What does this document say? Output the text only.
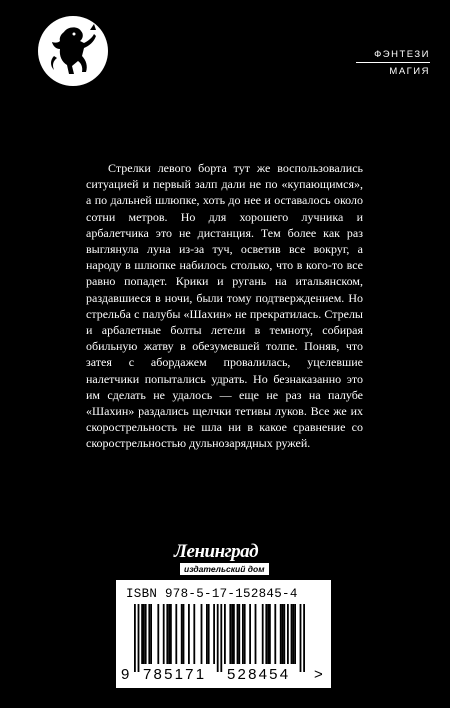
ФЭНТЕЗИ
МАГИЯ

Стрелки левого борта тут же воспользовались ситуацией и первый залп дали не по «купающимся», а по дальней шлюпке, хоть до нее и оставалось около сотни метров. Но для хорошего лучника и арбалетчика это не дистанция. Тем более как раз выглянула луна из-за туч, осветив все вокруг, а народу в шлюпке набилось столько, что в кого-то все равно попадет. Крики и ругань на итальянском, раздавшиеся в ночи, были тому подтверждением. Но стрельба с палубы «Шахин» не прекратилась. Стрелы и арбалетные болты летели в темноту, собирая обильную жатву в обезумевшей толпе. Поняв, что затея с абордажем провалилась, уцелевшие налетчики попытались удрать. Но безнаказанно это им сделать не удалось — еще не раз на палубе «Шахин» раздались щелчки тетивы луков. Все же их скорострельность не шла ни в какое сравнение со скорострельностью дульнозарядных ружей.

Ленинград
издательский дом
ISBN 978-5-17-152845-4
9 785171 528454 >
